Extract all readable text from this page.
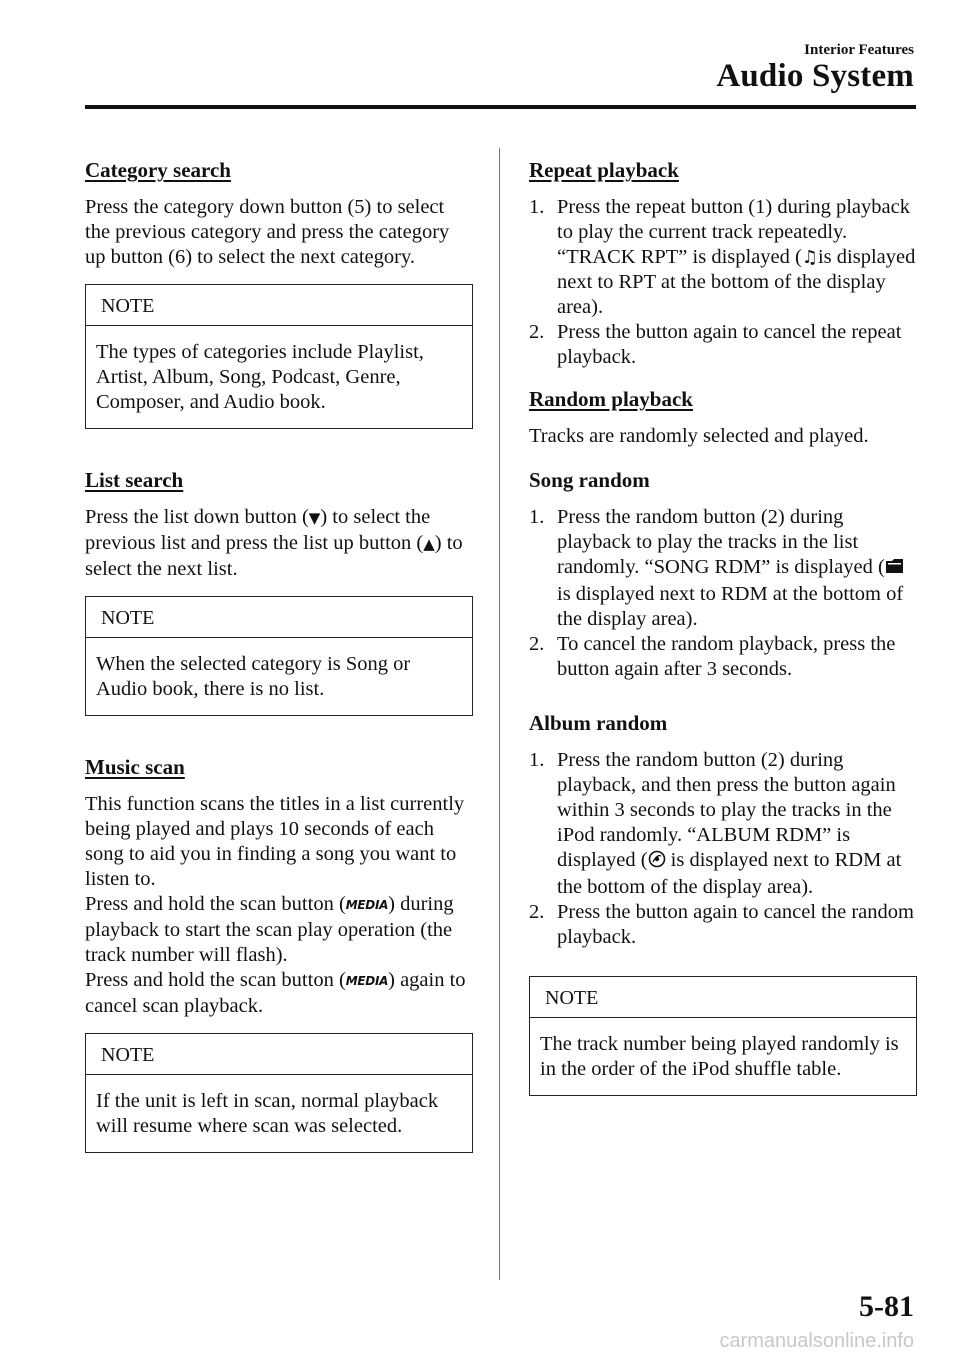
Interior Features
Audio System
Category search

Press the category down button (5) to select the previous category and press the category up button (6) to select the next category.

NOTE
The types of categories include Playlist, Artist, Album, Song, Podcast, Genre, Composer, and Audio book.
List search

Press the list down button (▼) to select the previous list and press the list up button (▲) to select the next list.

NOTE
When the selected category is Song or Audio book, there is no list.
Music scan

This function scans the titles in a list currently being played and plays 10 seconds of each song to aid you in finding a song you want to listen to.

Press and hold the scan button (MEDIA) during playback to start the scan play operation (the track number will flash).

Press and hold the scan button (MEDIA) again to cancel scan playback.

NOTE
If the unit is left in scan, normal playback will resume where scan was selected.
Repeat playback
1. Press the repeat button (1) during playback to play the current track repeatedly. “TRACK RPT” is displayed (♫is displayed next to RPT at the bottom of the display area).
2. Press the button again to cancel the repeat playback.
Random playback

Tracks are randomly selected and played.

Song random
1. Press the random button (2) during playback to play the tracks in the list randomly. “SONG RDM” is displayed ( is displayed next to RDM at the bottom of the display area).
2. To cancel the random playback, press the button again after 3 seconds.
Album random
1. Press the random button (2) during playback, and then press the button again within 3 seconds to play the tracks in the iPod randomly. “ALBUM RDM” is displayed ( is displayed next to RDM at the bottom of the display area).
2. Press the button again to cancel the random playback.
NOTE
The track number being played randomly is in the order of the iPod shuffle table.
5-81
carmanualsonline.info
